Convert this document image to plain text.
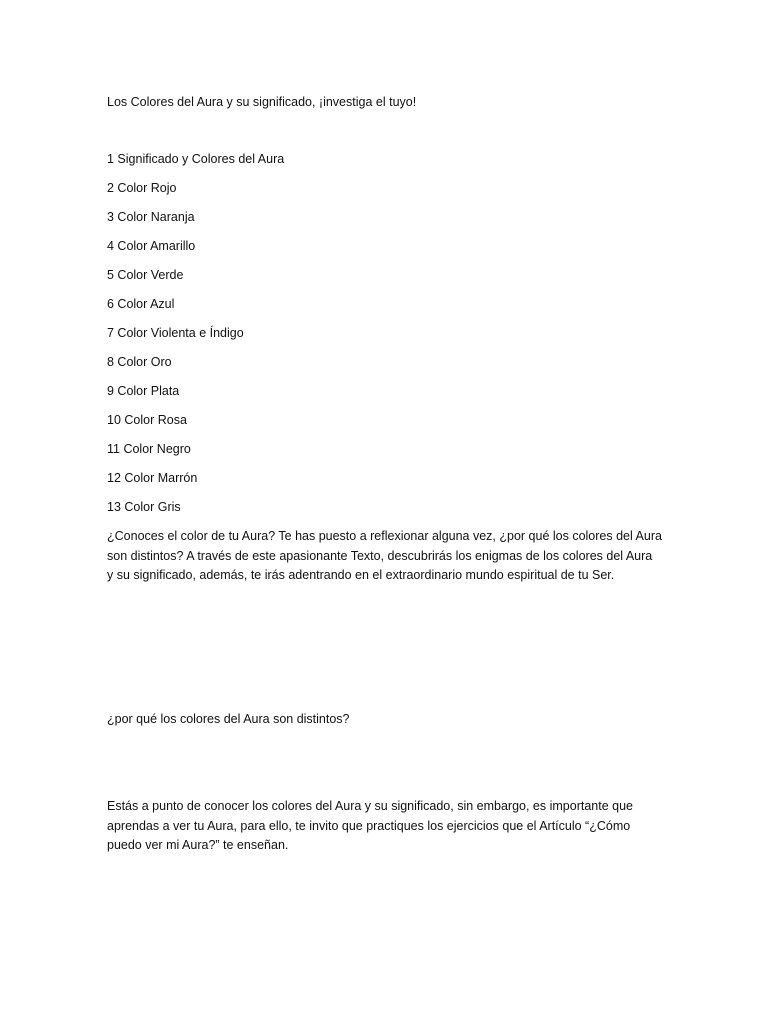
Los Colores del Aura y su significado, ¡investiga el tuyo!
1 Significado y Colores del Aura
2 Color Rojo
3 Color Naranja
4 Color Amarillo
5 Color Verde
6 Color Azul
7 Color Violenta e Índigo
8 Color Oro
9 Color Plata
10 Color Rosa
11 Color Negro
12 Color Marrón
13 Color Gris
¿Conoces el color de tu Aura? Te has puesto a reflexionar alguna vez, ¿por qué los colores del Aura
son distintos? A través de este apasionante Texto, descubrirás los enigmas de los colores del Aura
y su significado, además, te irás adentrando en el extraordinario mundo espiritual de tu Ser.
¿por qué los colores del Aura son distintos?
Estás a punto de conocer los colores del Aura y su significado, sin embargo, es importante que
aprendas a ver tu Aura, para ello, te invito que practiques los ejercicios que el Artículo “¿Cómo
puedo ver mi Aura?” te enseñan.
